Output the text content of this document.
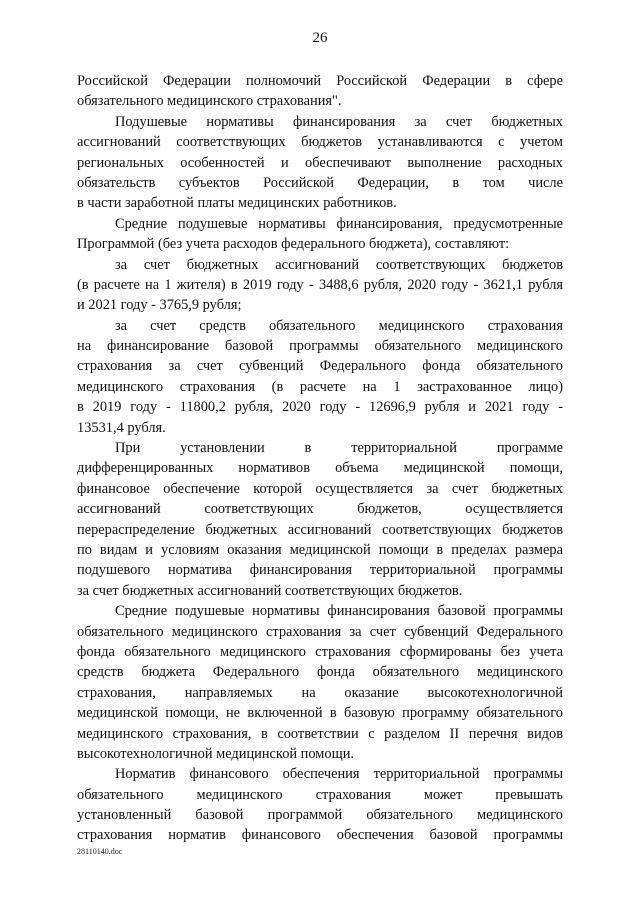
26
Российской Федерации полномочий Российской Федерации в сфере
обязательного медицинского страхования".
Подушевые нормативы финансирования за счет бюджетных
ассигнований соответствующих бюджетов устанавливаются с учетом
региональных особенностей и обеспечивают выполнение расходных
обязательств субъектов Российской Федерации, в том числе
в части заработной платы медицинских работников.
Средние подушевые нормативы финансирования, предусмотренные
Программой (без учета расходов федерального бюджета), составляют:
за счет бюджетных ассигнований соответствующих бюджетов
(в расчете на 1 жителя) в 2019 году - 3488,6 рубля, 2020 году - 3621,1 рубля
и 2021 году - 3765,9 рубля;
за счет средств обязательного медицинского страхования
на финансирование базовой программы обязательного медицинского
страхования за счет субвенций Федерального фонда обязательного
медицинского страхования (в расчете на 1 застрахованное лицо)
в 2019 году - 11800,2 рубля, 2020 году - 12696,9 рубля и 2021 году -
13531,4 рубля.
При установлении в территориальной программе
дифференцированных нормативов объема медицинской помощи,
финансовое обеспечение которой осуществляется за счет бюджетных
ассигнований соответствующих бюджетов, осуществляется
перераспределение бюджетных ассигнований соответствующих бюджетов
по видам и условиям оказания медицинской помощи в пределах размера
подушевого норматива финансирования территориальной программы
за счет бюджетных ассигнований соответствующих бюджетов.
Средние подушевые нормативы финансирования базовой программы
обязательного медицинского страхования за счет субвенций Федерального
фонда обязательного медицинского страхования сформированы без учета
средств бюджета Федерального фонда обязательного медицинского
страхования, направляемых на оказание высокотехнологичной
медицинской помощи, не включенной в базовую программу обязательного
медицинского страхования, в соответствии с разделом II перечня видов
высокотехнологичной медицинской помощи.
Норматив финансового обеспечения территориальной программы
обязательного медицинского страхования может превышать
установленный базовой программой обязательного медицинского
страхования норматив финансового обеспечения базовой программы
28110140.doc
